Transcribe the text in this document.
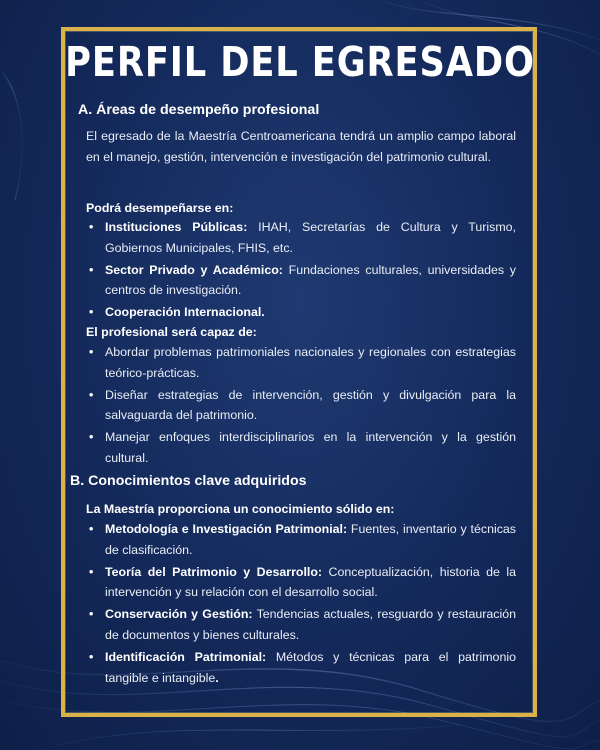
PERFIL DEL EGRESADO
A. Áreas de desempeño profesional
El egresado de la Maestría Centroamericana tendrá un amplio campo laboral en el manejo, gestión, intervención e investigación del patrimonio cultural.
Podrá desempeñarse en:
• Instituciones Públicas: IHAH, Secretarías de Cultura y Turismo, Gobiernos Municipales, FHIS, etc.
• Sector Privado y Académico: Fundaciones culturales, universidades y centros de investigación.
• Cooperación Internacional.
El profesional será capaz de:
• Abordar problemas patrimoniales nacionales y regionales con estrategias teórico-prácticas.
• Diseñar estrategias de intervención, gestión y divulgación para la salvaguarda del patrimonio.
• Manejar enfoques interdisciplinarios en la intervención y la gestión cultural.
B. Conocimientos clave adquiridos
La Maestría proporciona un conocimiento sólido en:
• Metodología e Investigación Patrimonial: Fuentes, inventario y técnicas de clasificación.
• Teoría del Patrimonio y Desarrollo: Conceptualización, historia de la intervención y su relación con el desarrollo social.
• Conservación y Gestión: Tendencias actuales, resguardo y restauración de documentos y bienes culturales.
• Identificación Patrimonial: Métodos y técnicas para el patrimonio tangible e intangible.
